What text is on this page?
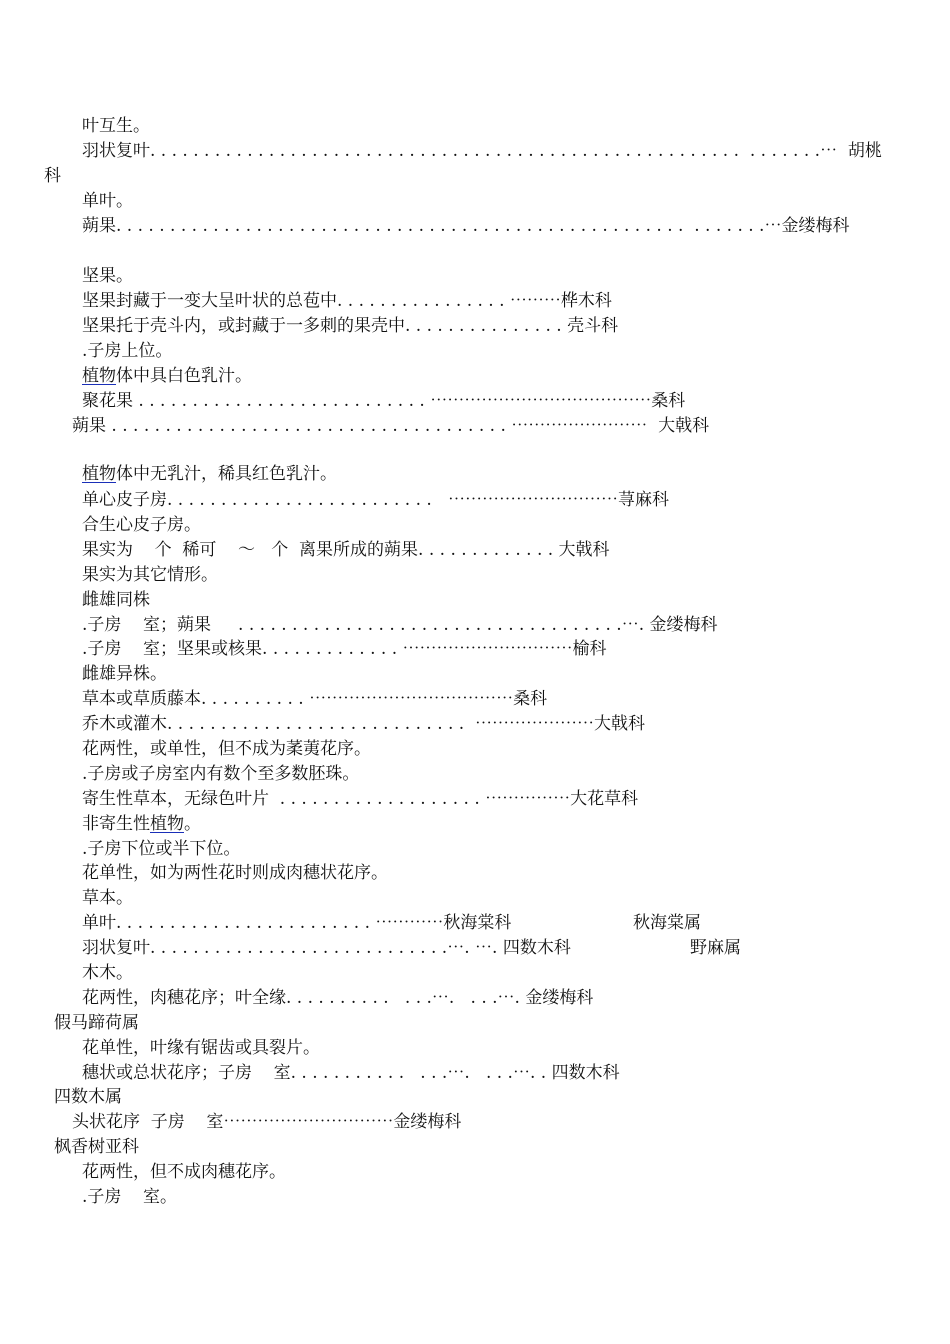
叶互生。
羽状复叶. . . . . . . . . . . . . . . . . . . . . . . . . . . . . . . . . . . . . . . . . . . . . . . . . . . . . . .  . . . . . . .⋯  胡桃
科
单叶。
蒴果. . . . . . . . . . . . . . . . . . . . . . . . . . . . . . . . . . . . . . . . . . . . . . . . . . . . .  . . . . . . .⋯金缕梅科
坚果。
坚果封藏于一变大呈叶状的总苞中. . . . . . . . . . . . . . . . ⋯⋯⋯桦木科
坚果托于壳斗内，或封藏于一多刺的果壳中. . . . . . . . . . . . . . . 壳斗科
.子房上位。
植物体中具白色乳汁。
聚花果 . . . . . . . . . . . . . . . . . . . . . . . . . . . ⋯⋯⋯⋯⋯⋯⋯⋯⋯⋯⋯⋯⋯桑科
蒴果 . . . . . . . . . . . . . . . . . . . . . . . . . . . . . . . . . . . . . ⋯⋯⋯⋯⋯⋯⋯⋯  大戟科
植物体中无乳汁，稀具红色乳汁。
单心皮子房. . . . . . . . . . . . . . . . . . . . . . . . .   ⋯⋯⋯⋯⋯⋯⋯⋯⋯⋯荨麻科
合生心皮子房。
果实为    个  稀可    ～   个  离果所成的蒴果. . . . . . . . . . . . . 大戟科
果实为其它情形。
雌雄同株
.子房    室；蒴果     . . . . . . . . . . . . . . . . . . . . . . . . . . . . . . . . . . . .⋯. 金缕梅科
.子房    室；坚果或核果. . . . . . . . . . . . . ⋯⋯⋯⋯⋯⋯⋯⋯⋯⋯榆科
雌雄异株。
草本或草质藤本. . . . . . . . . . ⋯⋯⋯⋯⋯⋯⋯⋯⋯⋯⋯⋯桑科
乔木或灌木. . . . . . . . . . . . . . . . . . . . . . . . . . . .  ⋯⋯⋯⋯⋯⋯⋯大戟科
花两性，或单性，但不成为葇荑花序。
.子房或子房室内有数个至多数胚珠。
寄生性草本，无绿色叶片  . . . . . . . . . . . . . . . . . . . ⋯⋯⋯⋯⋯大花草科
非寄生性植物。
.子房下位或半下位。
花单性，如为两性花时则成肉穗状花序。
草本。
单叶. . . . . . . . . . . . . . . . . . . . . . . . ⋯⋯⋯⋯秋海棠科	秋海棠属
羽状复叶. . . . . . . . . . . . . . . . . . . . . . . . . . . .⋯. ⋯. 四数木科	野麻属
木木。
花两性，肉穗花序；叶全缘. . . . . . . . . .   . . .⋯.   . . .⋯. 金缕梅科
假马蹄荷属
花单性，叶缘有锯齿或具裂片。
穗状或总状花序；子房    室. . . . . . . . . . .   . . .⋯.   . . .⋯. . 四数木科
四数木属
头状花序  子房    室⋯⋯⋯⋯⋯⋯⋯⋯⋯⋯金缕梅科
枫香树亚科
花两性，但不成肉穗花序。
.子房    室。
